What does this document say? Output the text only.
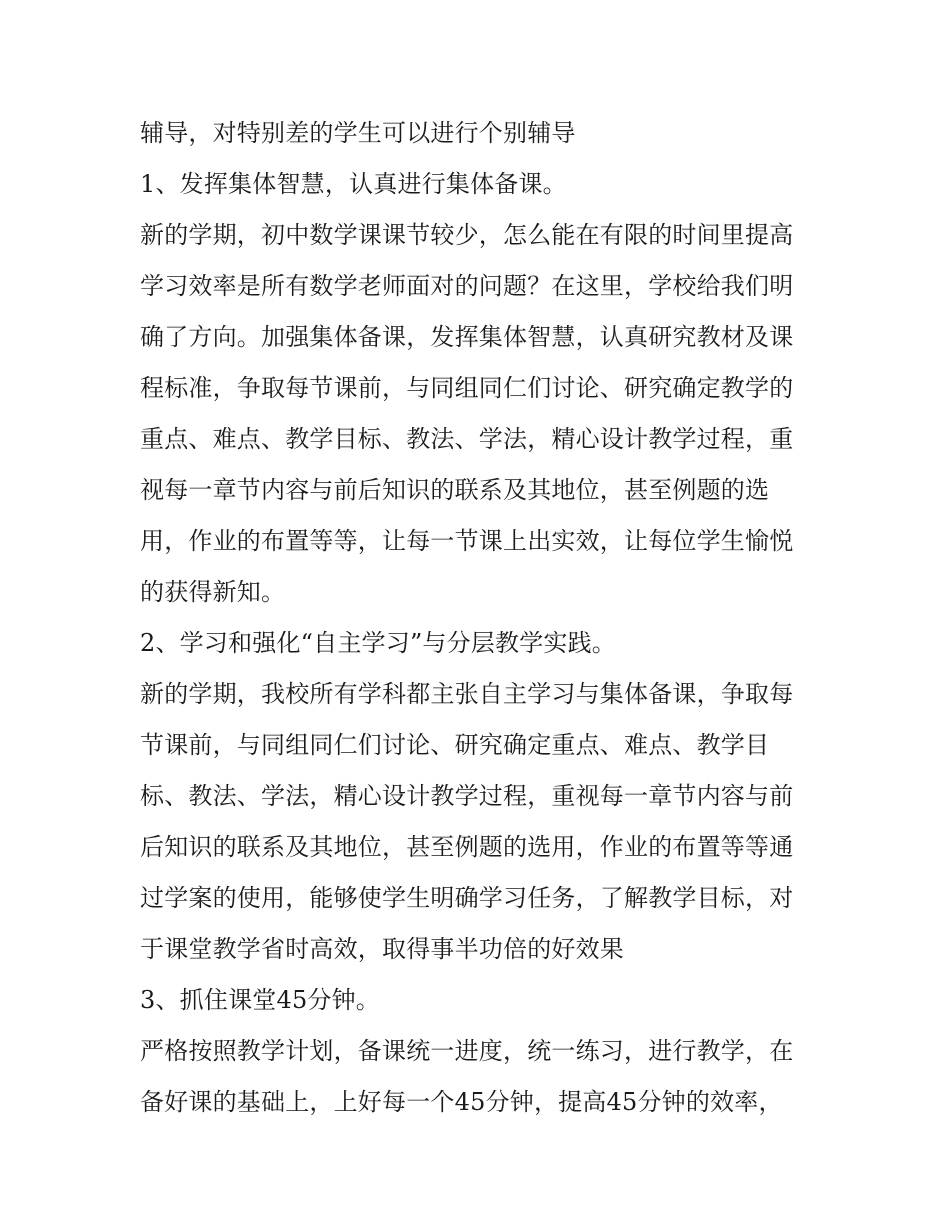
辅导，对特别差的学生可以进行个别辅导
1、发挥集体智慧，认真进行集体备课。
新的学期，初中数学课课节较少，怎么能在有限的时间里提高
学习效率是所有数学老师面对的问题？在这里，学校给我们明
确了方向。加强集体备课，发挥集体智慧，认真研究教材及课
程标准，争取每节课前，与同组同仁们讨论、研究确定教学的
重点、难点、教学目标、教法、学法，精心设计教学过程，重
视每一章节内容与前后知识的联系及其地位，甚至例题的选
用，作业的布置等等，让每一节课上出实效，让每位学生愉悦
的获得新知。
2、学习和强化“自主学习”与分层教学实践。
新的学期，我校所有学科都主张自主学习与集体备课，争取每
节课前，与同组同仁们讨论、研究确定重点、难点、教学目
标、教法、学法，精心设计教学过程，重视每一章节内容与前
后知识的联系及其地位，甚至例题的选用，作业的布置等等通
过学案的使用，能够使学生明确学习任务，了解教学目标，对
于课堂教学省时高效，取得事半功倍的好效果
3、抓住课堂45分钟。
严格按照教学计划，备课统一进度，统一练习，进行教学，在
备好课的基础上，上好每一个45分钟，提高45分钟的效率，
